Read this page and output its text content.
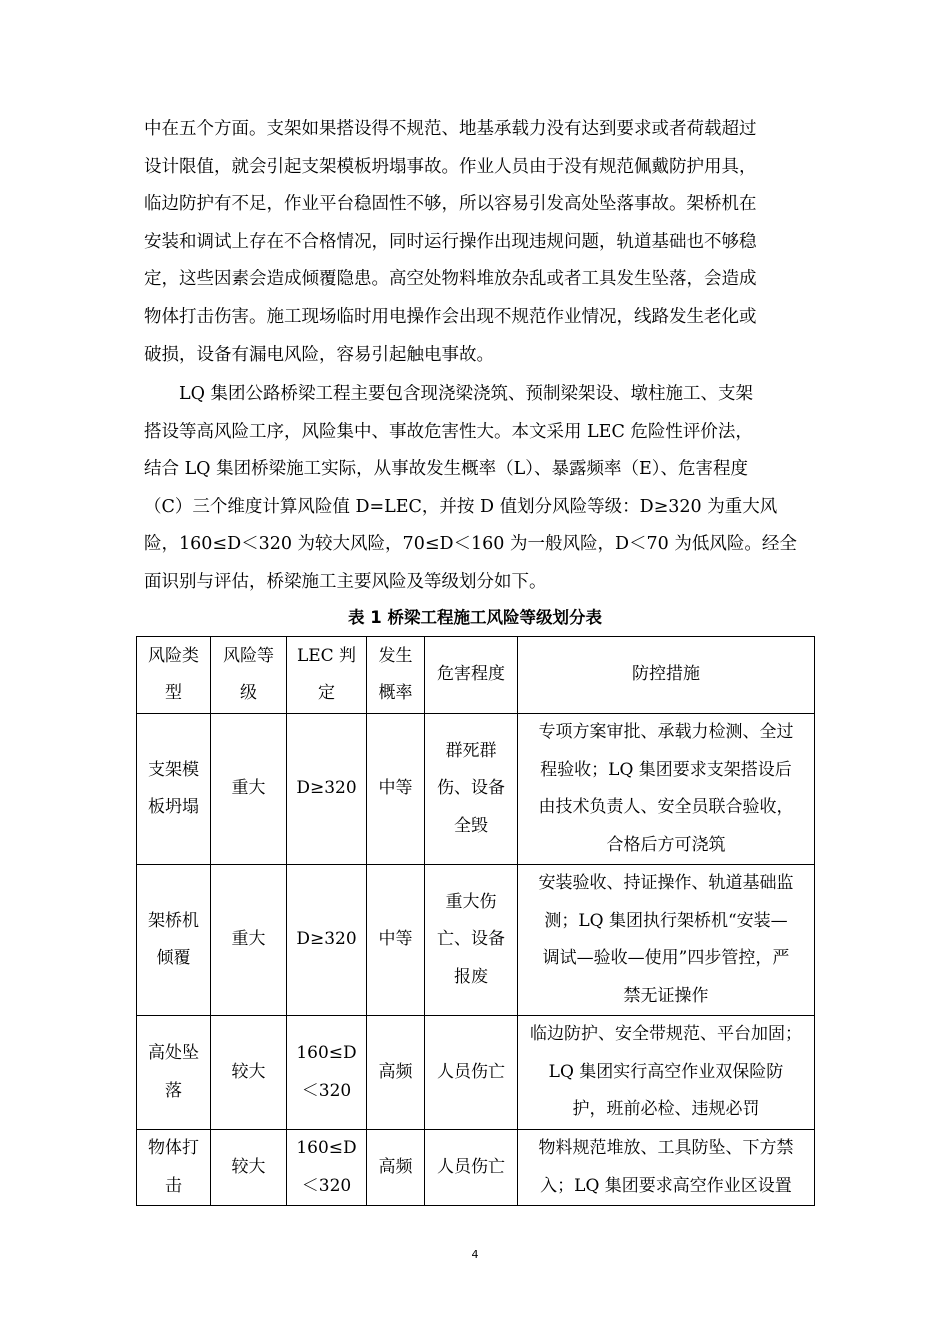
中在五个方面。支架如果搭设得不规范、地基承载力没有达到要求或者荷载超过
设计限值，就会引起支架模板坍塌事故。作业人员由于没有规范佩戴防护用具，
临边防护有不足，作业平台稳固性不够，所以容易引发高处坠落事故。架桥机在
安装和调试上存在不合格情况，同时运行操作出现违规问题，轨道基础也不够稳
定，这些因素会造成倾覆隐患。高空处物料堆放杂乱或者工具发生坠落，会造成
物体打击伤害。施工现场临时用电操作会出现不规范作业情况，线路发生老化或
破损，设备有漏电风险，容易引起触电事故。

　　LQ 集团公路桥梁工程主要包含现浇梁浇筑、预制梁架设、墩柱施工、支架
搭设等高风险工序，风险集中、事故危害性大。本文采用 LEC 危险性评价法，
结合 LQ 集团桥梁施工实际，从事故发生概率（L）、暴露频率（E）、危害程度
（C）三个维度计算风险值 D=LEC，并按 D 值划分风险等级：D≥320 为重大风
险，160≤D＜320 为较大风险，70≤D＜160 为一般风险，D＜70 为低风险。经全
面识别与评估，桥梁施工主要风险及等级划分如下。

表 1 桥梁工程施工风险等级划分表
风险类
型	风险等
级	LEC 判
定	发生
概率	危害程度	防控措施

支架模
板坍塌	重大	D≥320	中等	群死群
伤、设备
全毁	专项方案审批、承载力检测、全过
程验收；LQ 集团要求支架搭设后
由技术负责人、安全员联合验收，
合格后方可浇筑

架桥机
倾覆	重大	D≥320	中等	重大伤
亡、设备
报废	安装验收、持证操作、轨道基础监
测；LQ 集团执行架桥机“安装—
调试—验收—使用”四步管控，严
禁无证操作

高处坠
落	较大	160≤D
＜320	高频	人员伤亡	临边防护、安全带规范、平台加固；
LQ 集团实行高空作业双保险防
护，班前必检、违规必罚

物体打
击	较大	160≤D
＜320	高频	人员伤亡	物料规范堆放、工具防坠、下方禁
入；LQ 集团要求高空作业区设置
4
